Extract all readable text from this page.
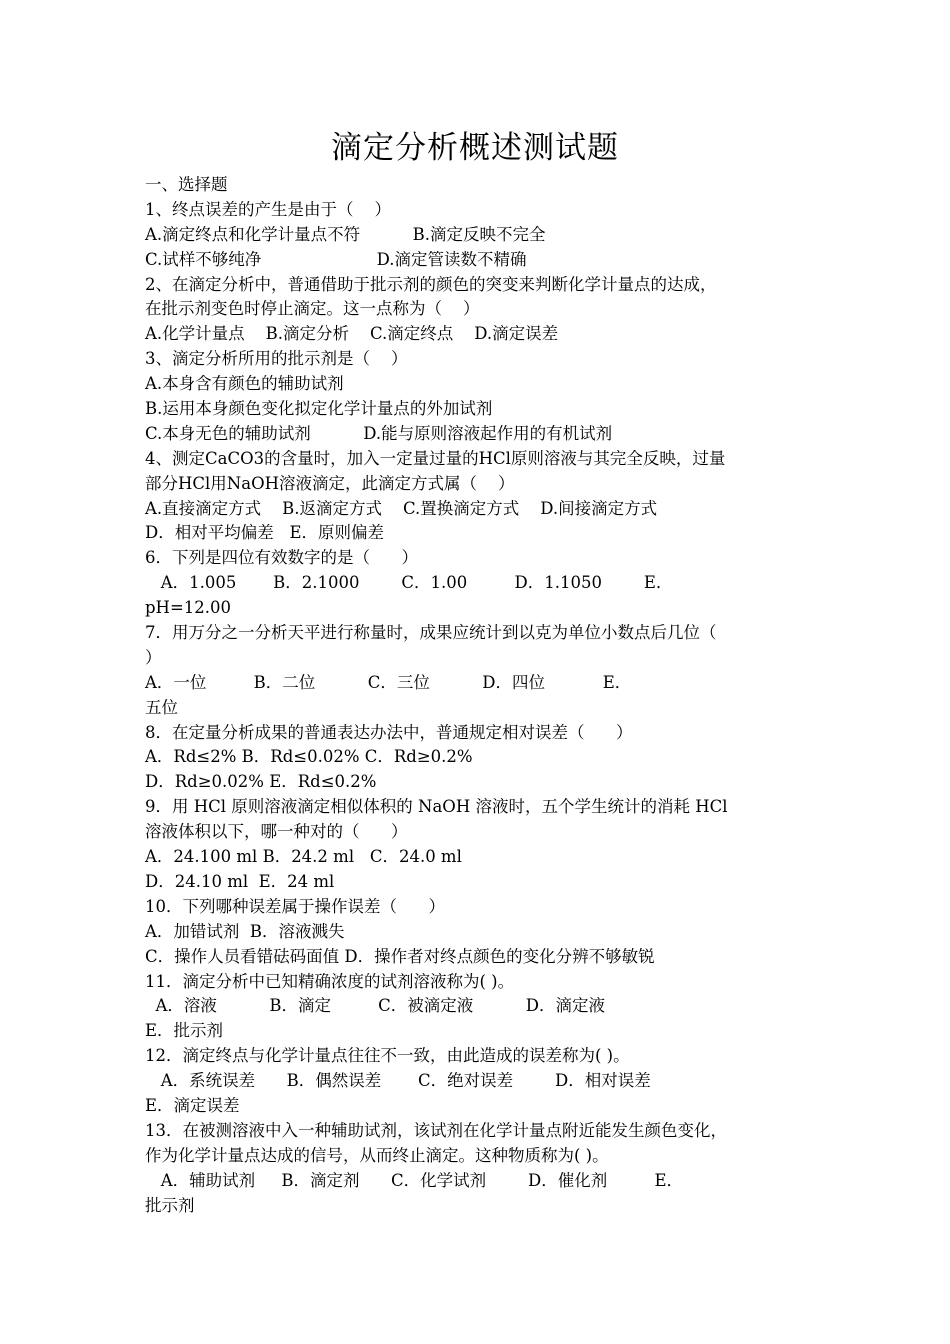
滴定分析概述测试题
一、选择题
1、终点误差的产生是由于（    ）
A.滴定终点和化学计量点不符          B.滴定反映不完全
C.试样不够纯净                      D.滴定管读数不精确
2、在滴定分析中，普通借助于批示剂的颜色的突变来判断化学计量点的达成，
在批示剂变色时停止滴定。这一点称为（    ）
A.化学计量点    B.滴定分析    C.滴定终点    D.滴定误差
3、滴定分析所用的批示剂是（    ）
A.本身含有颜色的辅助试剂
B.运用本身颜色变化拟定化学计量点的外加试剂
C.本身无色的辅助试剂          D.能与原则溶液起作用的有机试剂
4、测定CaCO3的含量时，加入一定量过量的HCl原则溶液与其完全反映，过量
部分HCl用NaOH溶液滴定，此滴定方式属（    ）
A.直接滴定方式    B.返滴定方式    C.置换滴定方式    D.间接滴定方式
D．相对平均偏差   E．原则偏差
6．下列是四位有效数字的是（      ）
A．1.005       B．2.1000        C．1.00         D．1.1050        E．
pH=12.00
7．用万分之一分析天平进行称量时，成果应统计到以克为单位小数点后几位（
）
A．一位         B．二位          C．三位          D．四位           E．
五位
8．在定量分析成果的普通表达办法中，普通规定相对误差（      ）
A．Rd≤2% B．Rd≤0.02% C．Rd≥0.2%
D．Rd≥0.02% E．Rd≤0.2%
9．用 HCl 原则溶液滴定相似体积的 NaOH 溶液时，五个学生统计的消耗 HCl
溶液体积以下，哪一种对的（      ）
A．24.100 ml B．24.2 ml   C．24.0 ml
D．24.10 ml  E．24 ml
10．下列哪种误差属于操作误差（      ）
A．加错试剂  B．溶液溅失
C．操作人员看错砝码面值 D．操作者对终点颜色的变化分辨不够敏锐
11．滴定分析中已知精确浓度的试剂溶液称为( )。
A．溶液          B．滴定         C．被滴定液          D．滴定液
E．批示剂
12．滴定终点与化学计量点往往不一致，由此造成的误差称为( )。
A．系统误差      B．偶然误差       C．绝对误差        D．相对误差
E．滴定误差
13．在被测溶液中入一种辅助试剂，该试剂在化学计量点附近能发生颜色变化，
作为化学计量点达成的信号，从而终止滴定。这种物质称为( )。
A．辅助试剂     B．滴定剂      C．化学试剂        D．催化剂         E．
批示剂
